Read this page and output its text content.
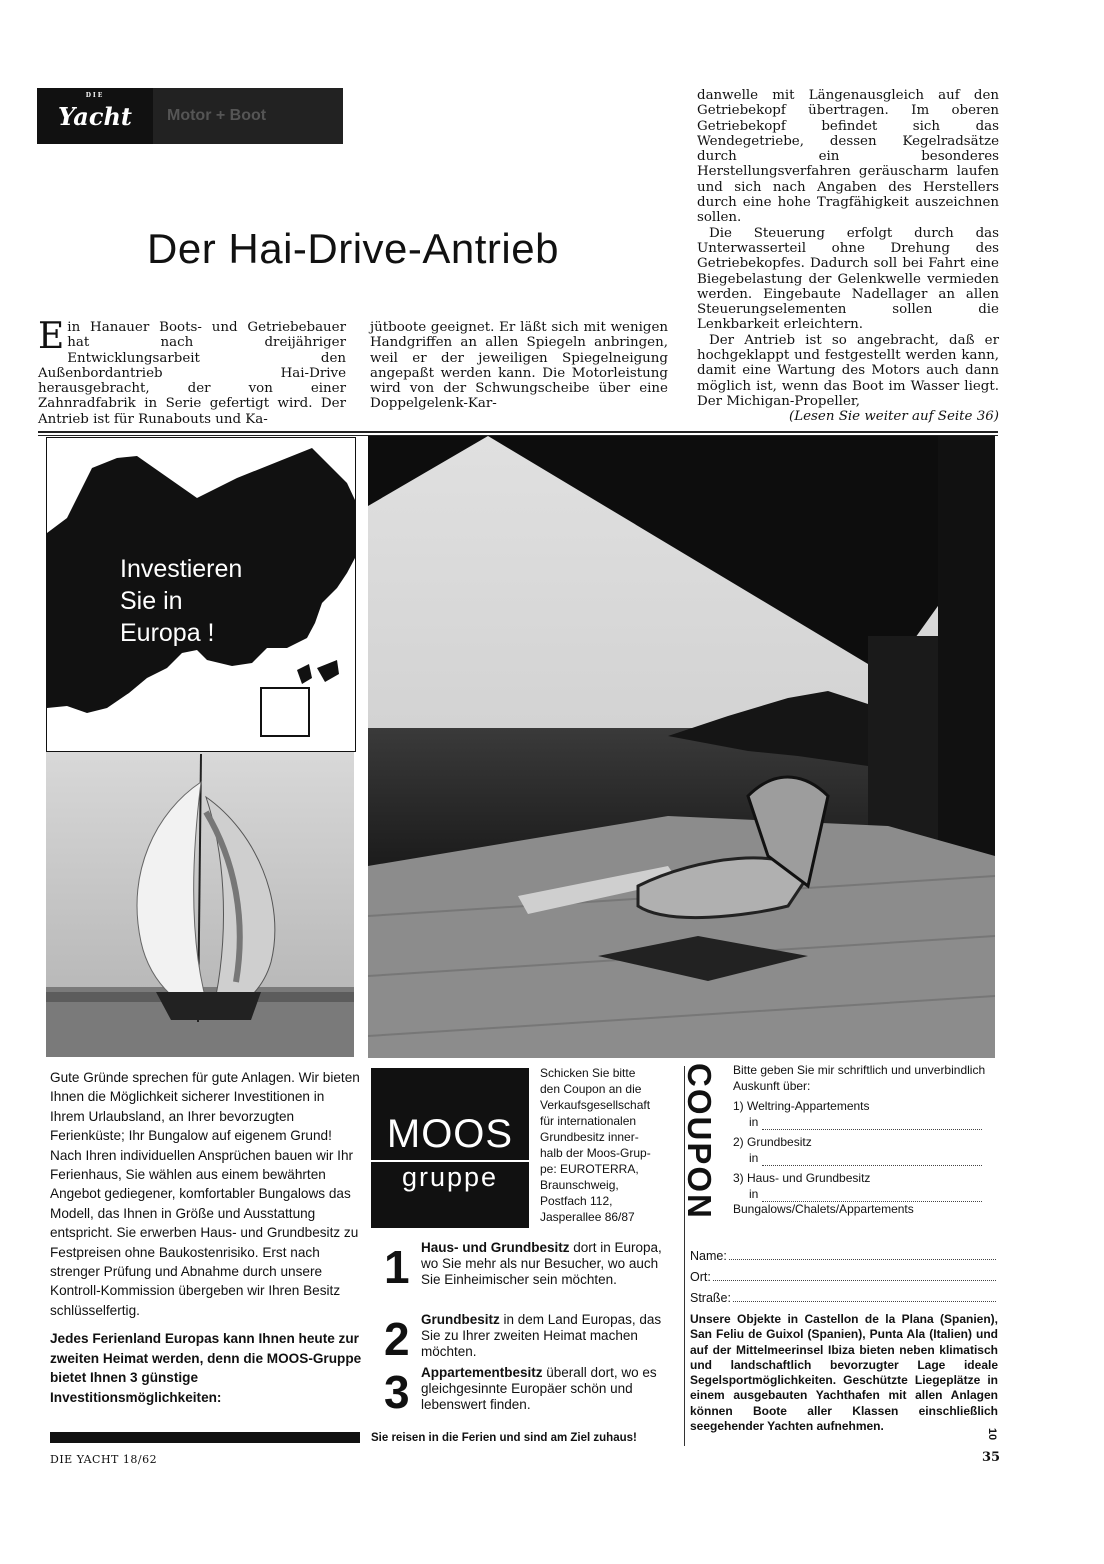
DIE
Yacht	Motor + Boot
Der Hai-Drive-Antrieb

Ein Hanauer Boots- und Getriebebauer hat nach dreijähriger Entwicklungsarbeit den Außenbordantrieb Hai-Drive herausgebracht, der von einer Zahnradfabrik in Serie gefertigt wird. Der Antrieb ist für Runabouts und Ka-

jütboote geeignet. Er läßt sich mit wenigen Handgriffen an allen Spiegeln anbringen, weil er der jeweiligen Spiegelneigung angepaßt werden kann. Die Motorleistung wird von der Schwungscheibe über eine Doppelgelenk-Kar-

danwelle mit Längenausgleich auf den Getriebekopf übertragen. Im oberen Getriebekopf befindet sich das Wendegetriebe, dessen Kegelradsätze durch ein besonderes Herstellungsverfahren geräuscharm laufen und sich nach Angaben des Herstellers durch eine hohe Tragfähigkeit auszeichnen sollen.

Die Steuerung erfolgt durch das Unterwasserteil ohne Drehung des Getriebekopfes. Dadurch soll bei Fahrt eine Biegebelastung der Gelenkwelle vermieden werden. Eingebaute Nadellager an allen Steuerungselementen sollen die Lenkbarkeit erleichtern.

Der Antrieb ist so angebracht, daß er hochgeklappt und festgestellt werden kann, damit eine Wartung des Motors auch dann möglich ist, wenn das Boot im Wasser liegt. Der Michigan-Propeller,

(Lesen Sie weiter auf Seite 36)

Investieren
Sie in
Europa !

Gute Gründe sprechen für gute Anlagen. Wir bieten Ihnen die Möglichkeit sicherer Investitionen in Ihrem Urlaubsland, an Ihrer bevorzugten Ferienküste; Ihr Bungalow auf eigenem Grund! Nach Ihren individuellen Ansprüchen bauen wir Ihr Ferienhaus, Sie wählen aus einem bewährten Angebot gediegener, komfortabler Bungalows das Modell, das Ihnen in Größe und Ausstattung entspricht. Sie erwerben Haus- und Grundbesitz zu Festpreisen ohne Baukostenrisiko. Erst nach strenger Prüfung und Abnahme durch unsere Kontroll-Kommission übergeben wir Ihren Besitz schlüsselfertig.

Jedes Ferienland Europas kann Ihnen heute zur zweiten Heimat werden, denn die MOOS-Gruppe bietet Ihnen 3 günstige Investitionsmöglichkeiten:

MOOS
gruppe
Schicken Sie bitte
den Coupon an die
Verkaufsgesellschaft
für internationalen
Grundbesitz inner-
halb der Moos-Grup-
pe: EUROTERRA,
Braunschweig,
Postfach 112,
Jasperallee 86/87
1 Haus- und Grundbesitz dort in Europa, wo Sie mehr als nur Besucher, wo auch Sie Einheimischer sein möchten.
2 Grundbesitz in dem Land Europas, das Sie zu Ihrer zweiten Heimat machen möchten.
3 Appartementbesitz überall dort, wo es gleichgesinnte Europäer schön und lebenswert finden.
Sie reisen in die Ferien und sind am Ziel zuhaus!
COUPON Bitte geben Sie mir schriftlich und unverbindlich Auskunft über:
1) Weltring-Appartements
in
2) Grundbesitz
in
3) Haus- und Grundbesitz
in
Bungalows/Chalets/Appartements
Name:
Ort:
Straße:
Unsere Objekte in Castellon de la Plana (Spanien), San Feliu de Guixol (Spanien), Punta Ala (Italien) und auf der Mittelmeerinsel Ibiza bieten neben klimatisch und landschaftlich bevorzugter Lage ideale Segelsportmöglichkeiten. Geschützte Liegeplätze in einem ausgebauten Yachthafen mit allen Anlagen können Boote aller Klassen einschließlich seegehender Yachten aufnehmen.
10
DIE YACHT 18/62	35
